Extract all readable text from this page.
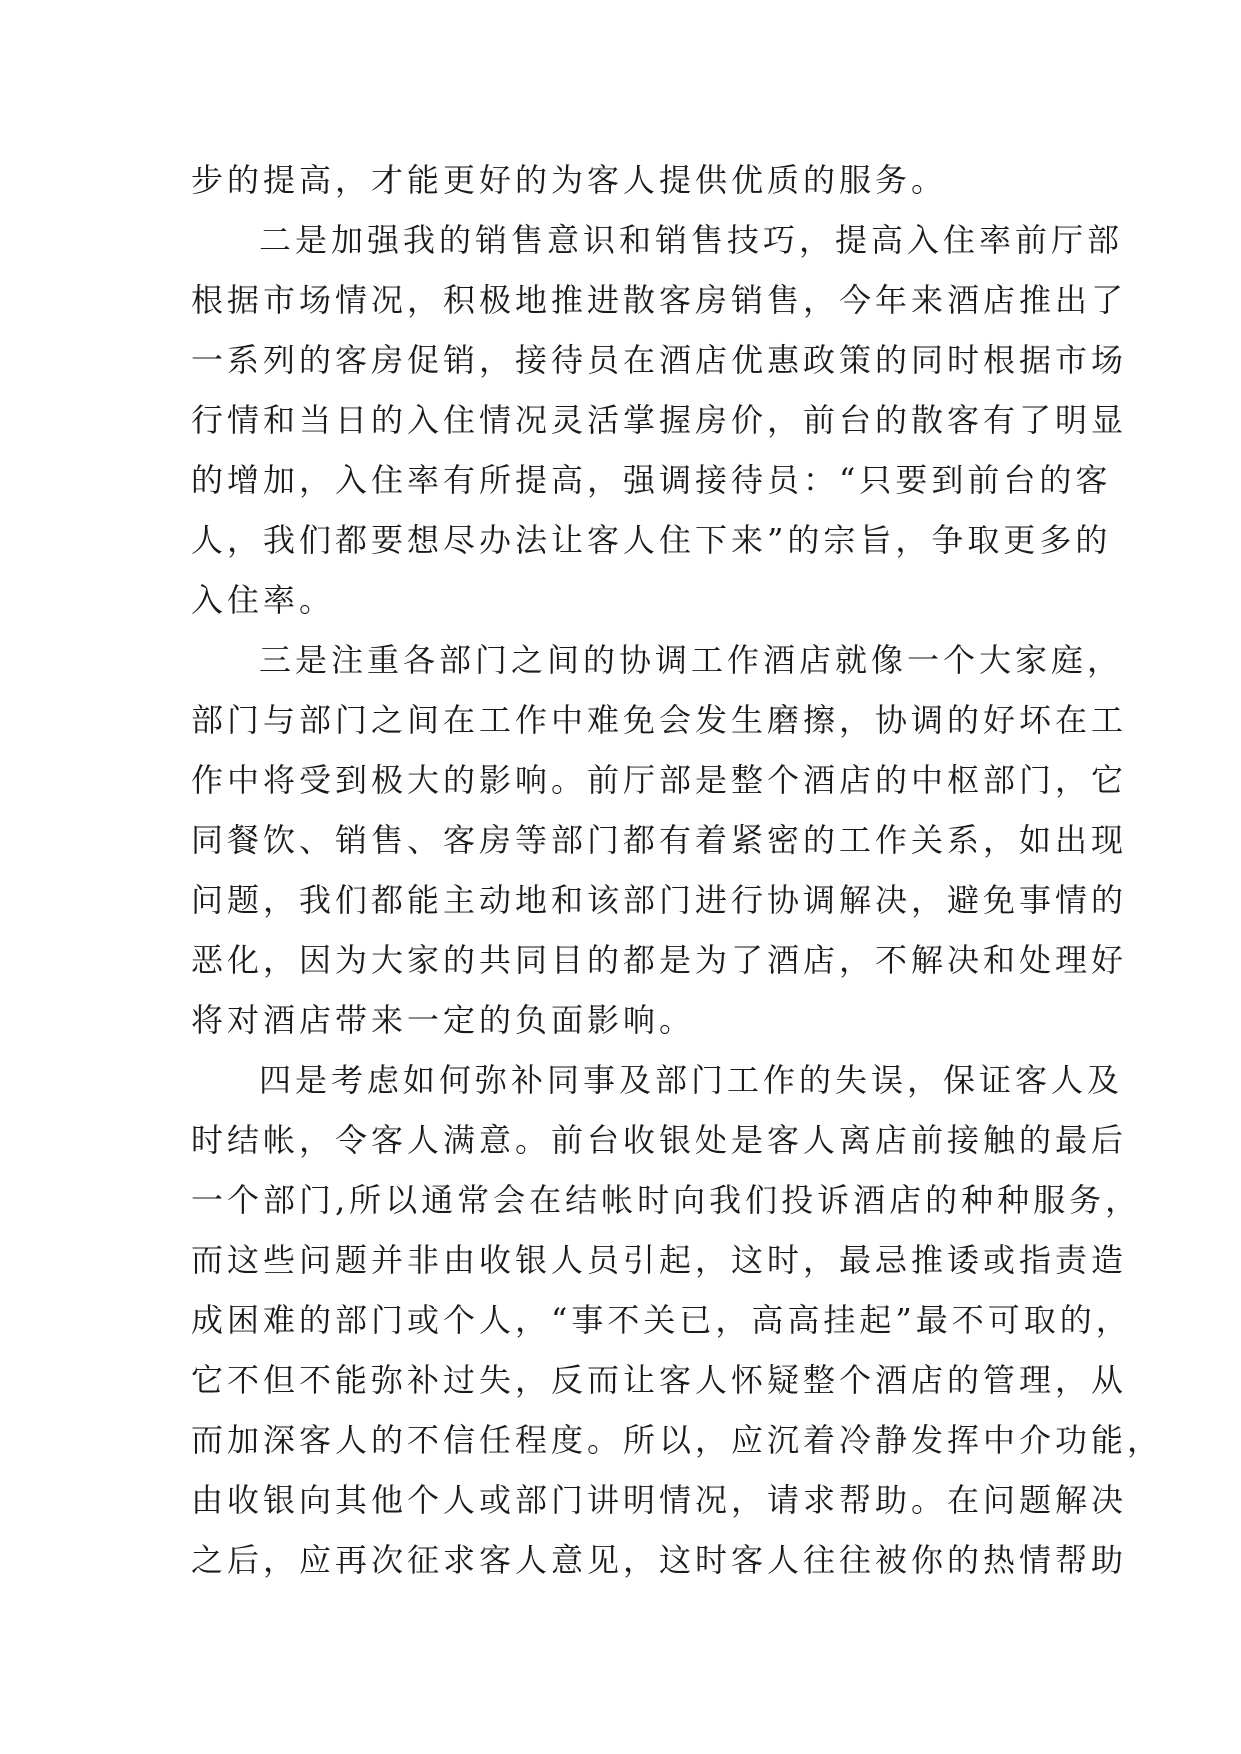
步的提高，才能更好的为客人提供优质的服务。
二是加强我的销售意识和销售技巧，提高入住率前厅部
根据市场情况，积极地推进散客房销售，今年来酒店推出了
一系列的客房促销，接待员在酒店优惠政策的同时根据市场
行情和当日的入住情况灵活掌握房价，前台的散客有了明显
的增加，入住率有所提高，强调接待员：“只要到前台的客
人，我们都要想尽办法让客人住下来”的宗旨，争取更多的
入住率。
三是注重各部门之间的协调工作酒店就像一个大家庭，
部门与部门之间在工作中难免会发生磨擦，协调的好坏在工
作中将受到极大的影响。前厅部是整个酒店的中枢部门，它
同餐饮、销售、客房等部门都有着紧密的工作关系，如出现
问题，我们都能主动地和该部门进行协调解决，避免事情的
恶化，因为大家的共同目的都是为了酒店，不解决和处理好
将对酒店带来一定的负面影响。
四是考虑如何弥补同事及部门工作的失误，保证客人及
时结帐，令客人满意。前台收银处是客人离店前接触的最后
一个部门,所以通常会在结帐时向我们投诉酒店的种种服务，
而这些问题并非由收银人员引起，这时，最忌推诿或指责造
成困难的部门或个人，“事不关已，高高挂起”最不可取的，
它不但不能弥补过失，反而让客人怀疑整个酒店的管理，从
而加深客人的不信任程度。所以，应沉着冷静发挥中介功能，
由收银向其他个人或部门讲明情况，请求帮助。在问题解决
之后，应再次征求客人意见，这时客人往往被你的热情帮助
